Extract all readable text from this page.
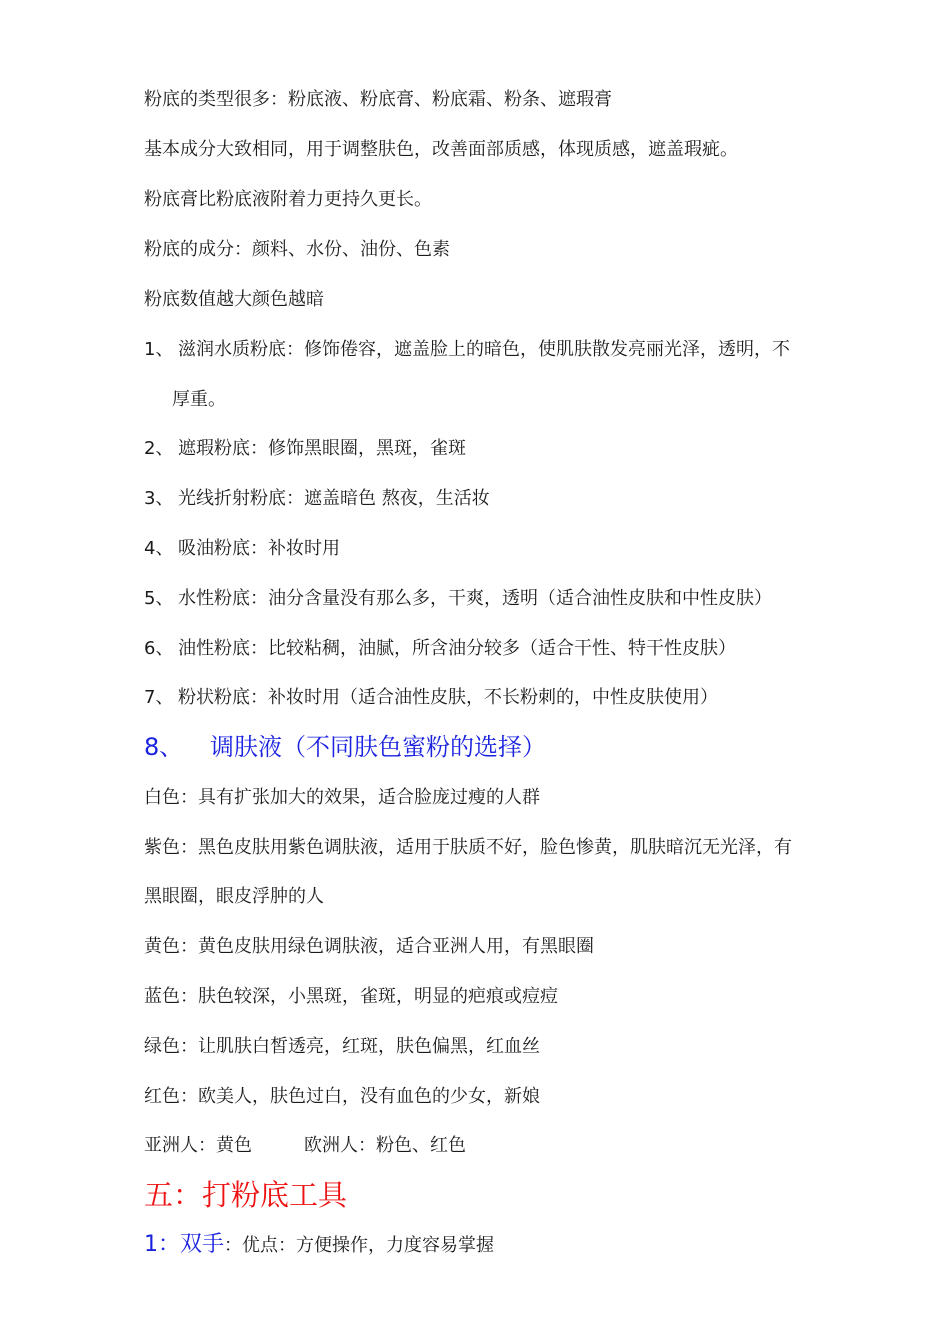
粉底的类型很多：粉底液、粉底膏、粉底霜、粉条、遮瑕膏
基本成分大致相同，用于调整肤色，改善面部质感，体现质感，遮盖瑕疵。
粉底膏比粉底液附着力更持久更长。
粉底的成分：颜料、水份、油份、色素
粉底数值越大颜色越暗
1、 滋润水质粉底：修饰倦容，遮盖脸上的暗色，使肌肤散发亮丽光泽，透明，不
厚重。
2、 遮瑕粉底：修饰黑眼圈，黑斑，雀斑
3、 光线折射粉底：遮盖暗色 熬夜，生活妆
4、 吸油粉底：补妆时用
5、 水性粉底：油分含量没有那么多，干爽，透明（适合油性皮肤和中性皮肤）
6、 油性粉底：比较粘稠，油腻，所含油分较多（适合干性、特干性皮肤）
7、 粉状粉底：补妆时用（适合油性皮肤，不长粉刺的，中性皮肤使用）
8、 调肤液（不同肤色蜜粉的选择）
白色：具有扩张加大的效果，适合脸庞过瘦的人群
紫色：黑色皮肤用紫色调肤液，适用于肤质不好，脸色惨黄，肌肤暗沉无光泽，有
黑眼圈，眼皮浮肿的人
黄色：黄色皮肤用绿色调肤液，适合亚洲人用，有黑眼圈
蓝色：肤色较深，小黑斑，雀斑，明显的疤痕或痘痘
绿色：让肌肤白皙透亮，红斑，肤色偏黑，红血丝
红色：欧美人，肤色过白，没有血色的少女，新娘
亚洲人：黄色	欧洲人：粉色、红色
五：打粉底工具
1：双手：优点：方便操作，力度容易掌握
